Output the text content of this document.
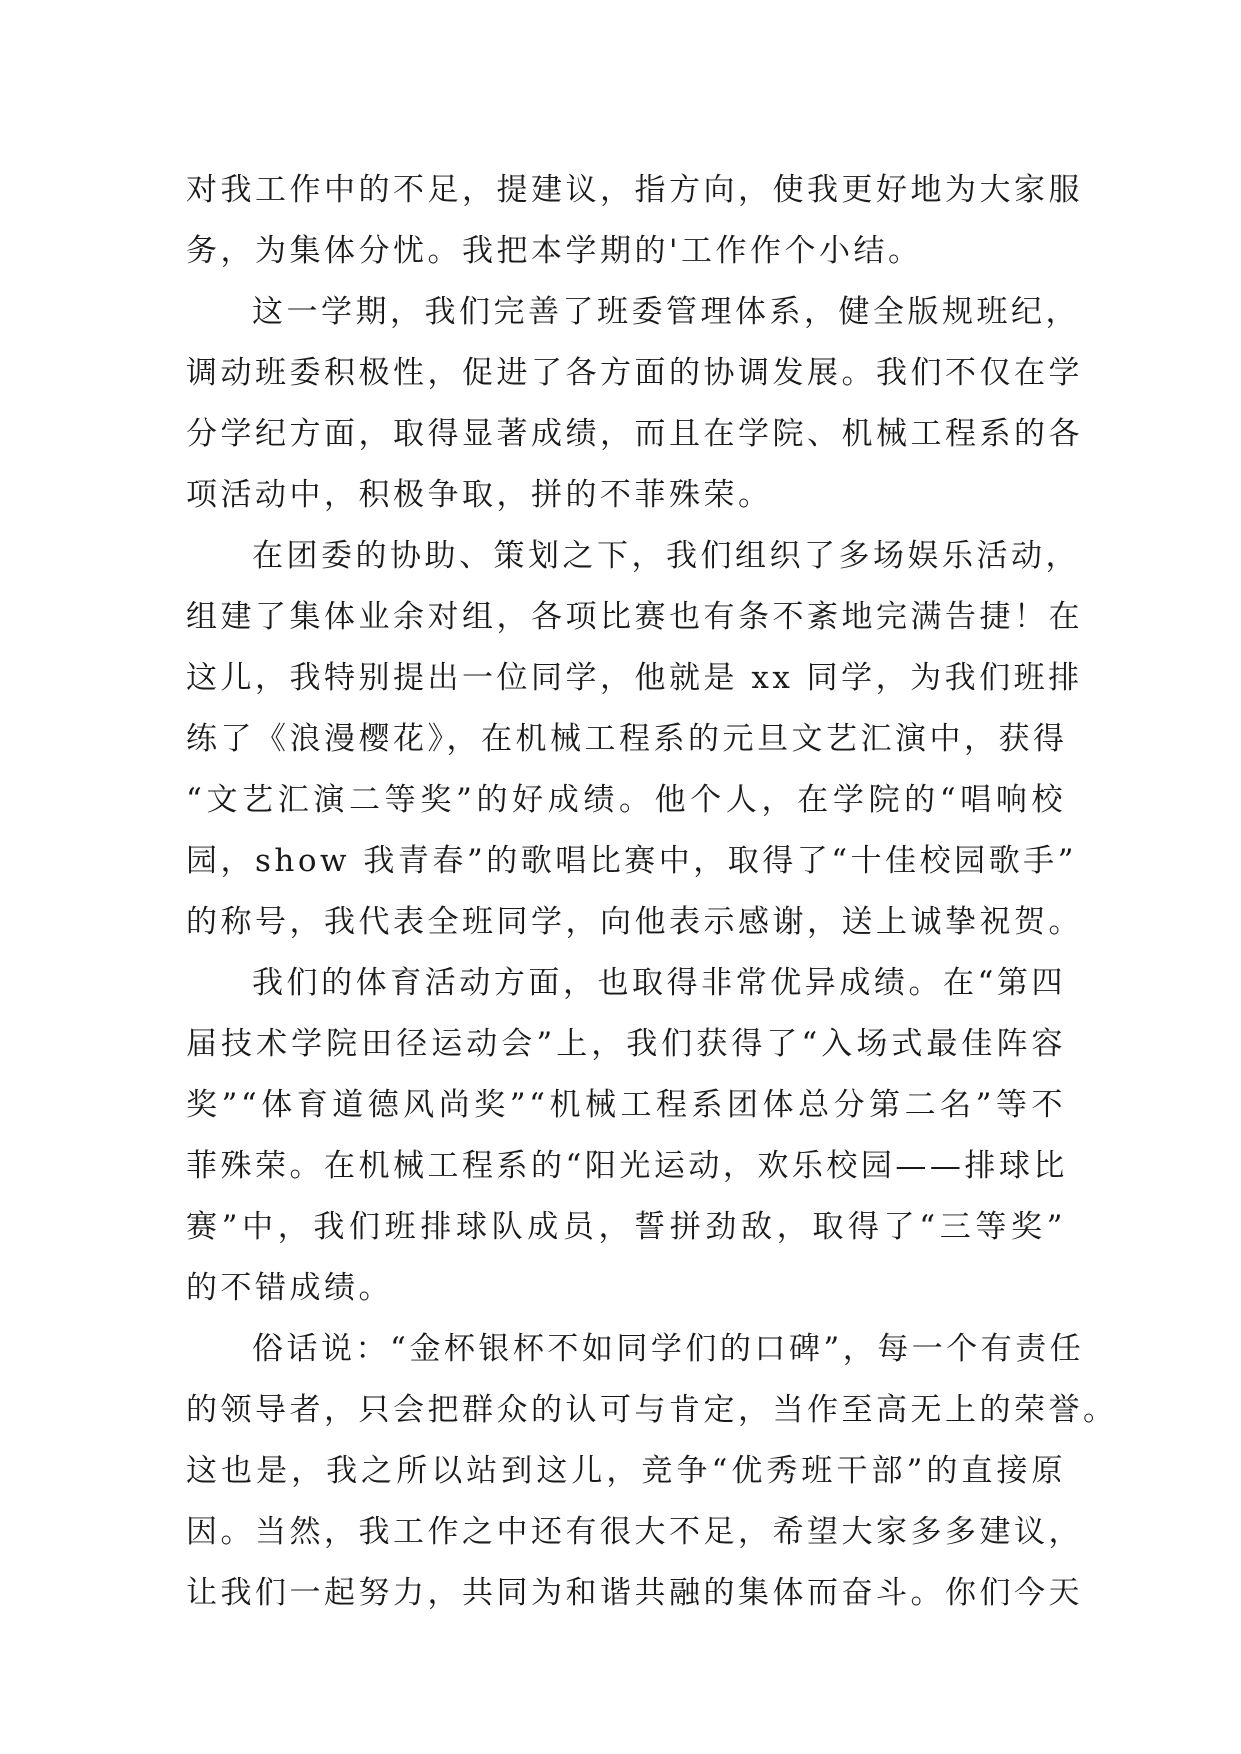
对我工作中的不足，提建议，指方向，使我更好地为大家服
务，为集体分忧。我把本学期的'工作作个小结。
这一学期，我们完善了班委管理体系，健全版规班纪，
调动班委积极性，促进了各方面的协调发展。我们不仅在学
分学纪方面，取得显著成绩，而且在学院、机械工程系的各
项活动中，积极争取，拼的不菲殊荣。
在团委的协助、策划之下，我们组织了多场娱乐活动，
组建了集体业余对组，各项比赛也有条不紊地完满告捷！在
这儿，我特别提出一位同学，他就是 xx 同学，为我们班排
练了《浪漫樱花》，在机械工程系的元旦文艺汇演中，获得
“文艺汇演二等奖”的好成绩。他个人，在学院的“唱响校
园，show 我青春”的歌唱比赛中，取得了“十佳校园歌手”
的称号，我代表全班同学，向他表示感谢，送上诚挚祝贺。
我们的体育活动方面，也取得非常优异成绩。在“第四
届技术学院田径运动会”上，我们获得了“入场式最佳阵容
奖”“体育道德风尚奖”“机械工程系团体总分第二名”等不
菲殊荣。在机械工程系的“阳光运动，欢乐校园——排球比
赛”中，我们班排球队成员，誓拼劲敌，取得了“三等奖”
的不错成绩。
俗话说：“金杯银杯不如同学们的口碑”，每一个有责任
的领导者，只会把群众的认可与肯定，当作至高无上的荣誉。
这也是，我之所以站到这儿，竞争“优秀班干部”的直接原
因。当然，我工作之中还有很大不足，希望大家多多建议，
让我们一起努力，共同为和谐共融的集体而奋斗。你们今天
